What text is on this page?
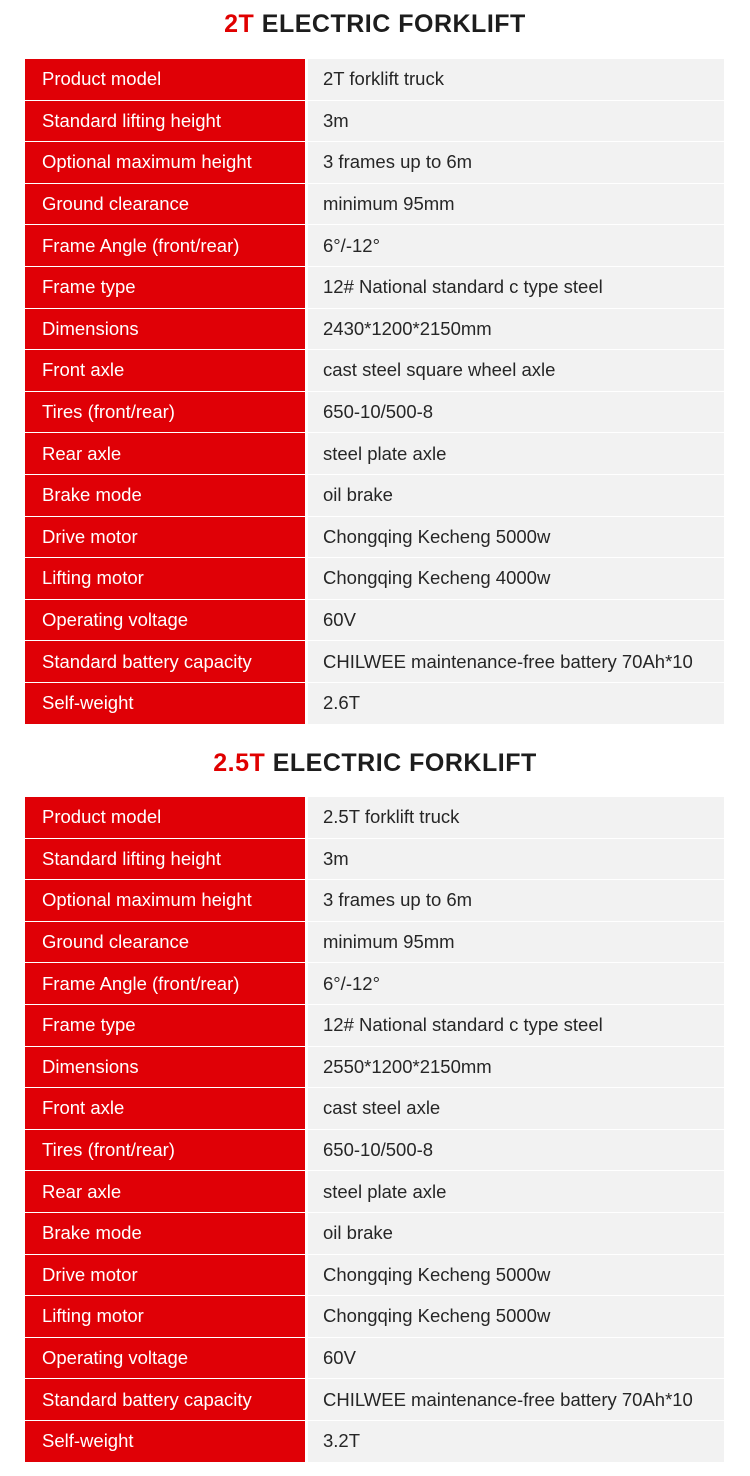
2T ELECTRIC FORKLIFT
Product model	2T forklift truck
Standard lifting height	3m
Optional maximum height	3 frames up to 6m
Ground clearance	minimum 95mm
Frame Angle (front/rear)	6°/-12°
Frame type	12# National standard c type steel
Dimensions	2430*1200*2150mm
Front axle	cast steel square wheel axle
Tires (front/rear)	650-10/500-8
Rear axle	steel plate axle
Brake mode	oil brake
Drive motor	Chongqing Kecheng 5000w
Lifting motor	Chongqing Kecheng 4000w
Operating voltage	60V
Standard battery capacity	CHILWEE maintenance-free battery 70Ah*10
Self-weight	2.6T
2.5T ELECTRIC FORKLIFT
Product model	2.5T forklift truck
Standard lifting height	3m
Optional maximum height	3 frames up to 6m
Ground clearance	minimum 95mm
Frame Angle (front/rear)	6°/-12°
Frame type	12# National standard c type steel
Dimensions	2550*1200*2150mm
Front axle	cast steel axle
Tires (front/rear)	650-10/500-8
Rear axle	steel plate axle
Brake mode	oil brake
Drive motor	Chongqing Kecheng 5000w
Lifting motor	Chongqing Kecheng 5000w
Operating voltage	60V
Standard battery capacity	CHILWEE maintenance-free battery 70Ah*10
Self-weight	3.2T
